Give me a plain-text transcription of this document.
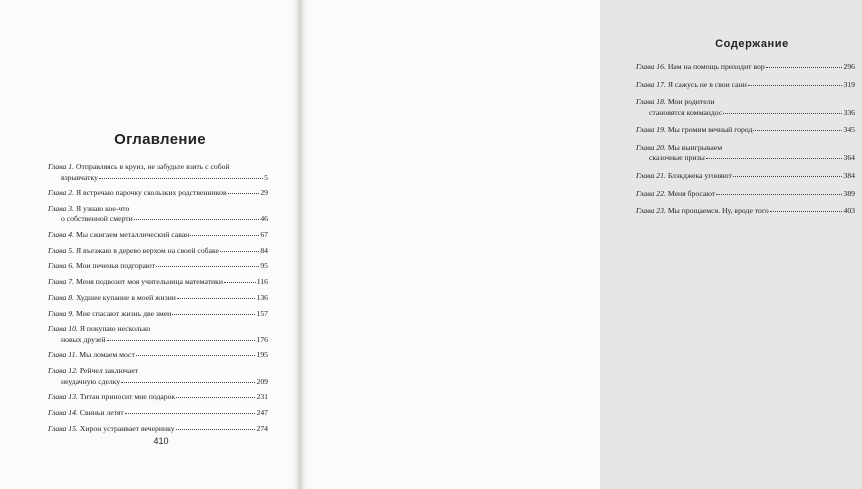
Оглавление
Глава 1. Отправляясь в круиз, не забудьте взять с собой
взрывчатку	5
Глава 2. Я встречаю парочку скользких родственников	29
Глава 3. Я узнаю кое-что
о собственной смерти	46
Глава 4. Мы сжигаем металлический саван	67
Глава 5. Я въезжаю в дерево верхом на своей собаке	84
Глава 6. Мои печенья подгорают	95
Глава 7. Меня подвозит моя учительница математики	116
Глава 8. Худшее купание в моей жизни	136
Глава 9. Мне спасают жизнь две змеи	157
Глава 10. Я покупаю несколько
новых друзей	176
Глава 11. Мы ломаем мост	195
Глава 12. Рейчел заключает
неудачную сделку	209
Глава 13. Титан приносит мне подарок	231
Глава 14. Свиньи летят	247
Глава 15. Хирон устраивает вечеринку	274
410
Содержание
Глава 16. Нам на помощь приходит вор	296
Глава 17. Я сажусь не в свои сани	319
Глава 18. Мои родители
становятся коммандос	336
Глава 19. Мы громим вечный город	345
Глава 20. Мы выигрываем
сказочные призы	364
Глава 21. Блэкджека угоняют	384
Глава 22. Меня бросают	389
Глава 23. Мы прощаемся. Ну, вроде того	403
